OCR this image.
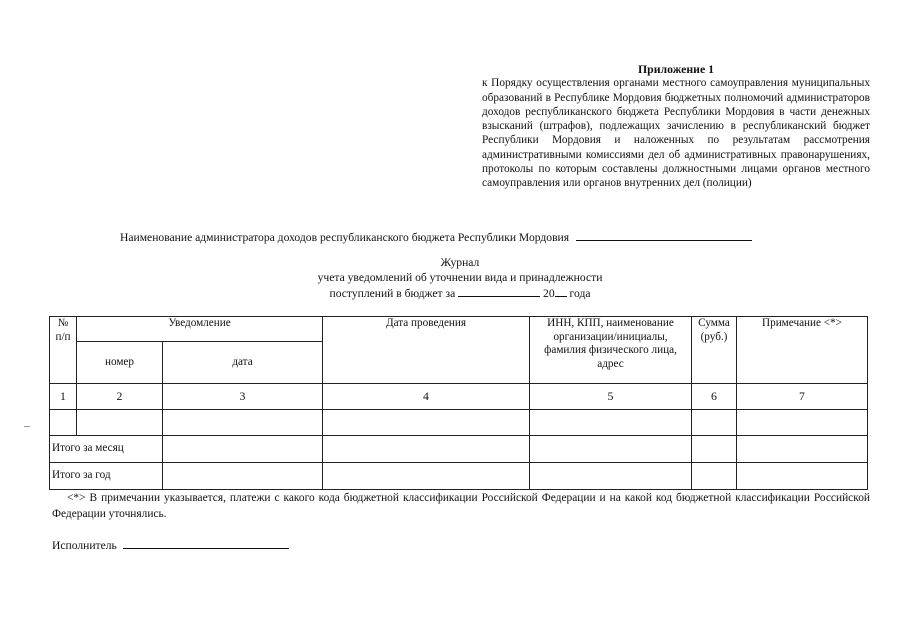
Приложение 1
к Порядку осуществления органами местного самоуправления муниципальных образований в Республике Мордовия бюджетных полномочий администраторов доходов республиканского бюджета Республики Мордовия в части денежных взысканий (штрафов), подлежащих зачислению в республиканский бюджет Республики Мордовия и наложенных по результатам рассмотрения административными комиссиями дел об административных правонарушениях, протоколы по которым составлены должностными лицами органов местного самоуправления или органов внутренних дел (полиции)
Наименование администратора доходов республиканского бюджета Республики Мордовия
Журнал
учета уведомлений об уточнении вида и принадлежности
поступлений в бюджет за	20 года
№ п/п	Уведомление		Дата проведения	ИНН, КПП, наименование организации/инициалы, фамилия физического лица, адрес	Сумма (руб.)	Примечание <*>
	номер	дата				
1	2	3	4	5	6	7

Итого за месяц						
Итого за год						
<*> В примечании указывается, платежи с какого кода бюджетной классификации Российской Федерации и на какой код бюджетной классификации Российской Федерации уточнялись.
Исполнитель
